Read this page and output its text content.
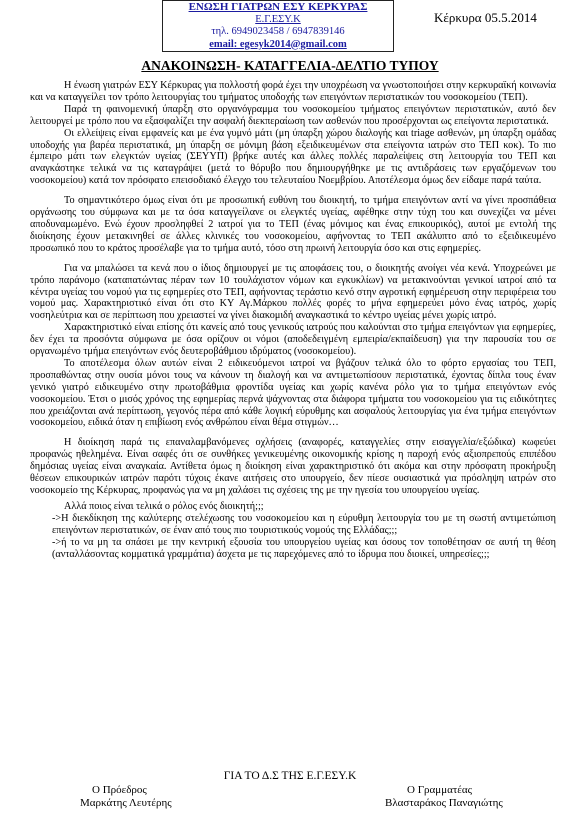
ΕΝΩΣΗ ΓΙΑΤΡΩΝ ΕΣΥ ΚΕΡΚΥΡΑΣ
Ε.Γ.ΕΣΥ.Κ
τηλ. 6949023458 / 6947839146
email: egesyk2014@gmail.com
Κέρκυρα 05.5.2014
ΑΝΑΚΟΙΝΩΣΗ- ΚΑΤΑΓΓΕΛΙΑ-ΔΕΛΤΙΟ ΤΥΠΟΥ

Η ένωση γιατρών ΕΣΥ Κέρκυρας για πολλοστή φορά έχει την υποχρέωση να γνωστοποιήσει στην κερκυραϊκή κοινωνία και να καταγγείλει τον τρόπο λειτουργίας του τμήματος υποδοχής των επειγόντων περιστατικών του νοσοκομείου (ΤΕΠ).

Παρά τη φαινομενική ύπαρξη στο οργανόγραμμα του νοσοκομείου τμήματος επειγόντων περιστατικών, αυτό δεν λειτουργεί με τρόπο που να εξασφαλίζει την ασφαλή διεκπεραίωση των ασθενών που προσέρχονται ως επείγοντα περιστατικά.

Οι ελλείψεις είναι εμφανείς και με ένα γυμνό μάτι (μη ύπαρξη χώρου διαλογής και triage ασθενών, μη ύπαρξη ομάδας υποδοχής για βαρέα περιστατικά, μη ύπαρξη σε μόνιμη βάση εξειδικευμένων στα επείγοντα ιατρών στο ΤΕΠ κοκ). Το πιο έμπειρο μάτι των ελεγκτών υγείας (ΣΕΥΥΠ) βρήκε αυτές και άλλες πολλές παραλείψεις στη λειτουργία του ΤΕΠ και αναγκάστηκε τελικά να τις καταγράψει (μετά το θόρυβο που δημιουργήθηκε με τις αντιδράσεις των εργαζόμενων του νοσοκομείου) κατά τον πρόσφατο επεισοδιακό έλεγχο του τελευταίου Νοεμβρίου. Αποτέλεσμα όμως δεν είδαμε παρά ταύτα.

Το σημαντικότερο όμως είναι ότι με προσωπική ευθύνη του διοικητή, το τμήμα επειγόντων αντί να γίνει προσπάθεια οργάνωσης του σύμφωνα και με τα όσα καταγγείλανε οι ελεγκτές υγείας, αφέθηκε στην τύχη του και συνεχίζει να μένει αποδυναμωμένο. Ενώ έχουν προσληφθεί 2 ιατροί για το ΤΕΠ (ένας μόνιμος και ένας επικουρικός), αυτοί με εντολή της διοίκησης έχουν μετακινηθεί σε άλλες κλινικές του νοσοκομείου, αφήνοντας το ΤΕΠ ακάλυπτο από το εξειδικευμένο προσωπικό που το κράτος προσέλαβε για το τμήμα αυτό, τόσο στη πρωινή λειτουργία όσο και στις εφημερίες.

Για να μπαλώσει τα κενά που ο ίδιος δημιουργεί με τις αποφάσεις του, ο διοικητής ανοίγει νέα κενά. Υποχρεώνει με τρόπο παράνομο (καταπατώντας πέραν των 10 τουλάχιστον νόμων και εγκυκλίων) να μετακινούνται γενικοί ιατροί από τα κέντρα υγείας του νομού για τις εφημερίες στο ΤΕΠ, αφήνοντας τεράστιο κενό στην αγροτική εφημέρευση στην περιφέρεια του νομού μας. Χαρακτηριστικό είναι ότι στο ΚΥ Αγ.Μάρκου πολλές φορές το μήνα εφημερεύει μόνο ένας ιατρός, χωρίς νοσηλεύτρια και σε περίπτωση που χρειαστεί να γίνει διακομιδή αναγκαστικά το κέντρο υγείας μένει χωρίς ιατρό.

Χαρακτηριστικό είναι επίσης ότι κανείς από τους γενικούς ιατρούς που καλούνται στο τμήμα επειγόντων για εφημερίες, δεν έχει τα προσόντα σύμφωνα με όσα ορίζουν οι νόμοι (αποδεδειγμένη εμπειρία/εκπαίδευση) για την παρουσία του σε οργανωμένο τμήμα επειγόντων ενός δευτεροβάθμιου ιδρύματος (νοσοκομείου).

Το αποτέλεσμα όλων αυτών είναι 2 ειδικευόμενοι ιατροί να βγάζουν τελικά όλο το φόρτο εργασίας του ΤΕΠ, προσπαθώντας στην ουσία μόνοι τους να κάνουν τη διαλογή και να αντιμετωπίσουν περιστατικά, έχοντας δίπλα τους έναν γενικό γιατρό ειδικευμένο στην πρωτοβάθμια φροντίδα υγείας και χωρίς κανένα ρόλο για το τμήμα επειγόντων ενός νοσοκομείου. Έτσι ο μισός χρόνος της εφημερίας περνά ψάχνοντας στα διάφορα τμήματα του νοσοκομείου για τις ειδικότητες που χρειάζονται ανά περίπτωση, γεγονός πέρα από κάθε λογική εύρυθμης και ασφαλούς λειτουργίας για ένα τμήμα επειγόντων νοσοκομείου, ειδικά όταν η επιβίωση ενός ανθρώπου είναι θέμα στιγμών…

Η διοίκηση παρά τις επαναλαμβανόμενες οχλήσεις (αναφορές, καταγγελίες στην εισαγγελία/εξώδικα) κωφεύει προφανώς ηθελημένα. Είναι σαφές ότι σε συνθήκες γενικευμένης οικονομικής κρίσης η παροχή ενός αξιοπρεπούς επιπέδου δημόσιας υγείας είναι αναγκαία. Αντίθετα όμως η διοίκηση είναι χαρακτηριστικό ότι ακόμα και στην πρόσφατη προκήρυξη θέσεων επικουρικών ιατρών παρότι τύχοις έκανε αιτήσεις στο υπουργείο, δεν πίεσε ουσιαστικά για πρόσληψη ιατρών στο νοσοκομείο της Κέρκυρας, προφανώς για να μη χαλάσει τις σχέσεις της με την ηγεσία του υπουργείου υγείας.

Αλλά ποιος είναι τελικά ο ρόλος ενός διοικητή;;;

->Η διεκδίκηση της καλύτερης στελέχωσης του νοσοκομείου και η εύρυθμη λειτουργία του με τη σωστή αντιμετώπιση επειγόντων περιστατικών, σε έναν από τους πιο τουριστικούς νομούς της Ελλάδας;;;

->ή το να μη τα σπάσει με την κεντρική εξουσία του υπουργείου υγείας και όσους τον τοποθέτησαν σε αυτή τη θέση (ανταλλάσοντας κομματικά γραμμάτια) άσχετα με τις παρεχόμενες από το ίδρυμα που διοικεί, υπηρεσίες;;;

ΓΙΑ ΤΟ Δ.Σ ΤΗΣ Ε.Γ.ΕΣΥ.Κ
Ο Πρόεδρος
Μαρκάτης Λευτέρης
Ο Γραμματέας
Βλασταράκος Παναγιώτης
